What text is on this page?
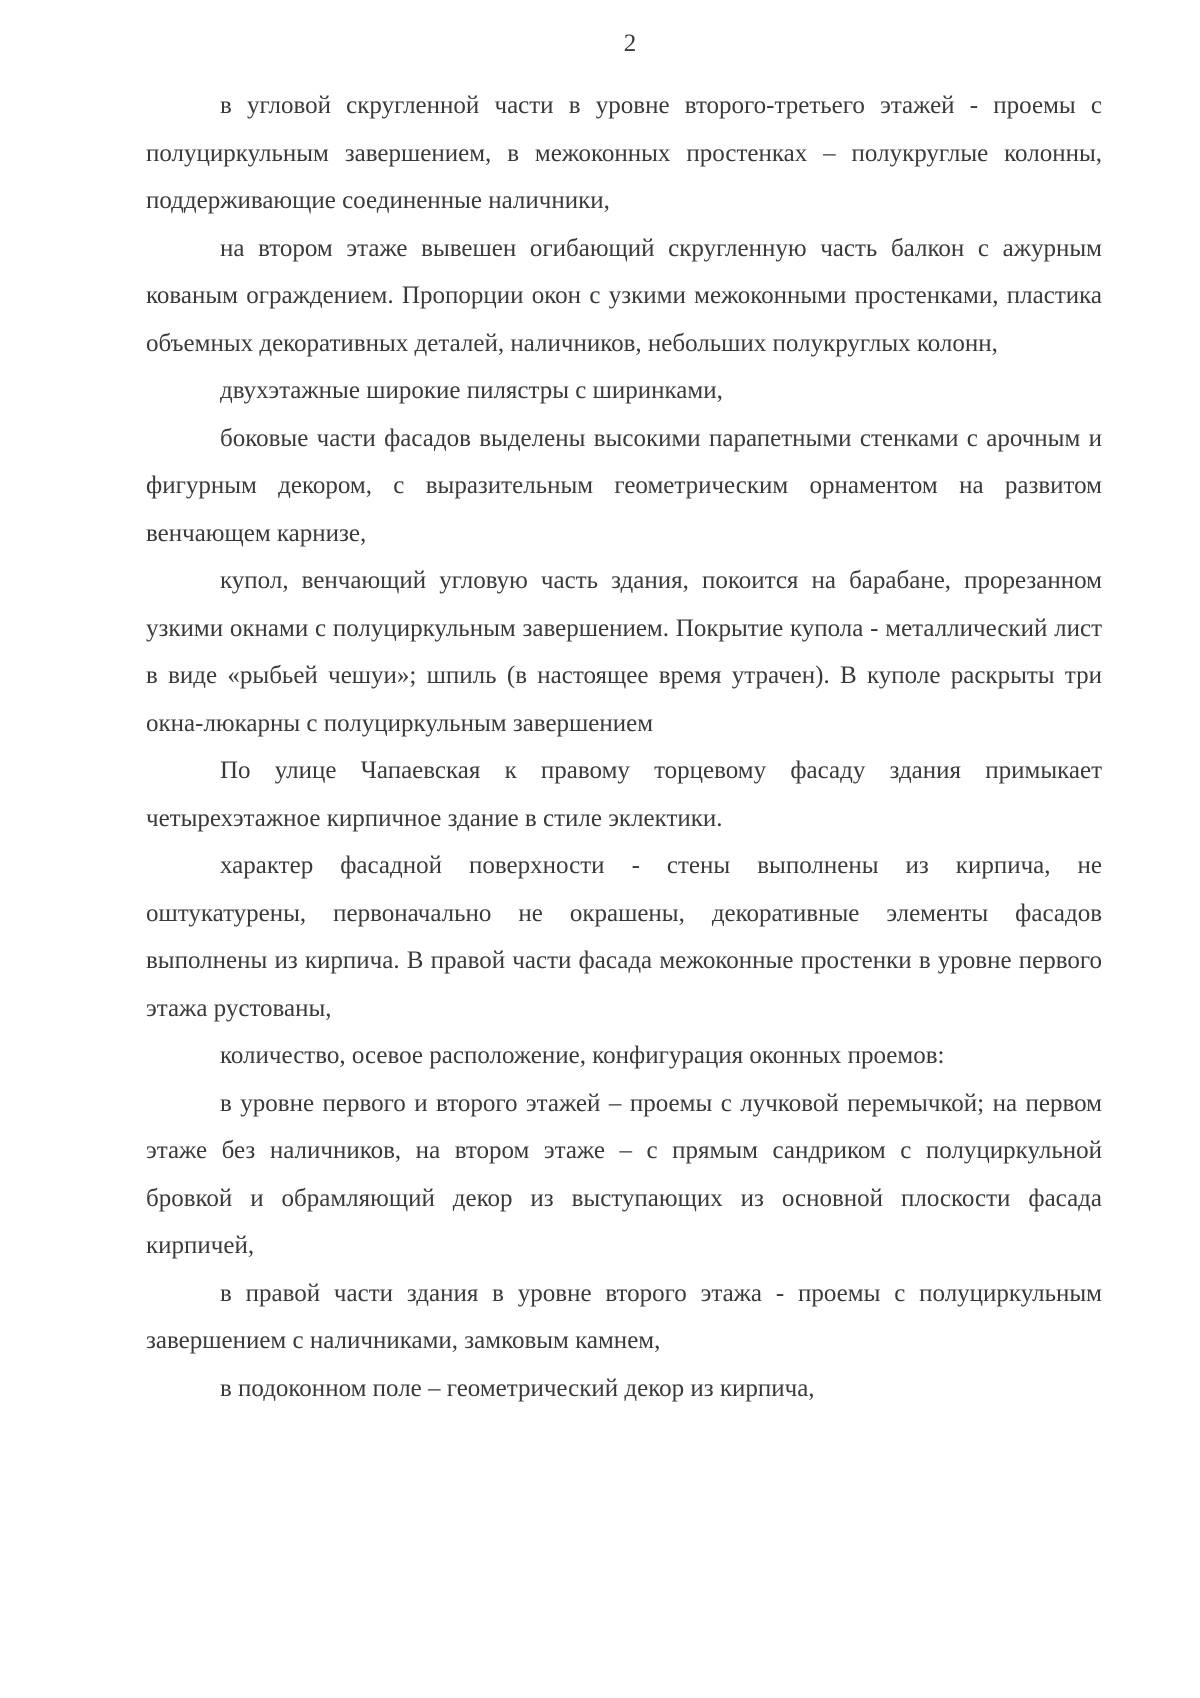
2

в угловой скругленной части в уровне второго-третьего этажей - проемы с полуциркульным завершением, в межоконных простенках – полукруглые колонны, поддерживающие соединенные наличники,

на втором этаже вывешен огибающий скругленную часть балкон с ажурным кованым ограждением. Пропорции окон с узкими межоконными простенками, пластика объемных декоративных деталей, наличников, небольших полукруглых колонн,

двухэтажные широкие пилястры с ширинками,

боковые части фасадов выделены высокими парапетными стенками с арочным и фигурным декором, с выразительным геометрическим орнаментом на развитом венчающем карнизе,

купол, венчающий угловую часть здания, покоится на барабане, прорезанном узкими окнами с полуциркульным завершением. Покрытие купола - металлический лист в виде «рыбьей чешуи»; шпиль (в настоящее время утрачен). В куполе раскрыты три окна-люкарны с полуциркульным завершением

По улице Чапаевская к правому торцевому фасаду здания примыкает четырехэтажное кирпичное здание в стиле эклектики.

характер фасадной поверхности - стены выполнены из кирпича, не оштукатурены, первоначально не окрашены, декоративные элементы фасадов выполнены из кирпича. В правой части фасада межоконные простенки в уровне первого этажа рустованы,

количество, осевое расположение, конфигурация оконных проемов:

в уровне первого и второго этажей – проемы с лучковой перемычкой; на первом этаже без наличников, на втором этаже – с прямым сандриком с полуциркульной бровкой и обрамляющий декор из выступающих из основной плоскости фасада кирпичей,

в правой части здания в уровне второго этажа - проемы с полуциркульным завершением с наличниками, замковым камнем,

в подоконном поле – геометрический декор из кирпича,
